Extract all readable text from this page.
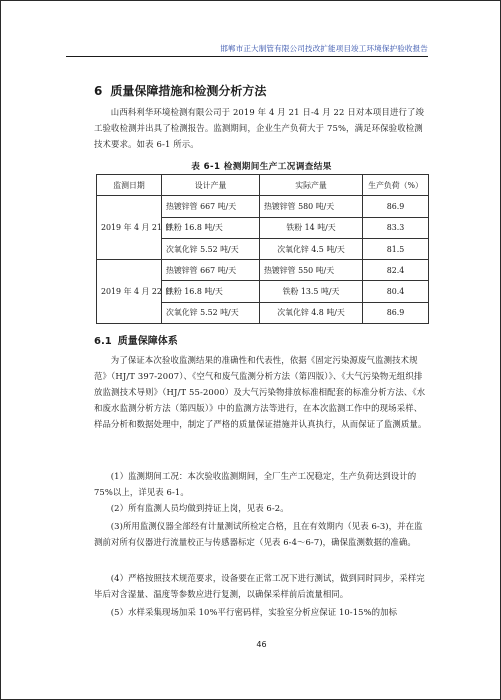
邯郸市正大制管有限公司技改扩能项目竣工环境保护验收报告
6 质量保障措施和检测分析方法
山西科利华环境检测有限公司于 2019 年 4 月 21 日-4 月 22 日对本项目进行了竣工验收检测并出具了检测报告。监测期间，企业生产负荷大于 75%，满足环保验收检测技术要求。如表 6-1 所示。
表 6-1 检测期间生产工况调查结果
监测日期	设计产量	实际产量	生产负荷（%）
2019 年 4 月 21 日	热镀锌管 667 吨/天	热镀锌管 580 吨/天	86.9
	铁粉 16.8 吨/天	铁粉 14 吨/天	83.3
	次氧化锌 5.52 吨/天	次氧化锌 4.5 吨/天	81.5
2019 年 4 月 22 日	热镀锌管 667 吨/天	热镀锌管 550 吨/天	82.4
	铁粉 16.8 吨/天	铁粉 13.5 吨/天	80.4
	次氧化锌 5.52 吨/天	次氧化锌 4.8 吨/天	86.9
6.1 质量保障体系
为了保证本次验收监测结果的准确性和代表性，依据《固定污染源废气监测技术规范》（HJ/T 397-2007）、《空气和废气监测分析方法（第四版）》、《大气污染物无组织排放监测技术导则》（HJ/T 55-2000）及大气污染物排放标准相配套的标准分析方法、《水和废水监测分析方法（第四版）》中的监测方法等进行，在本次监测工作中的现场采样、样品分析和数据处理中，制定了严格的质量保证措施并认真执行，从而保证了监测质量。
(1）监测期间工况：本次验收监测期间，全厂生产工况稳定，生产负荷达到设计的 75%以上，详见表 6-1。
(2）所有监测人员均做到持证上岗，见表 6-2。
(3)所用监测仪器全部经有计量测试所检定合格，且在有效期内（见表 6-3)，并在监测前对所有仪器进行流量校正与传感器标定（见表 6-4～6-7)，确保监测数据的准确。
(4）严格按照技术规范要求，设备要在正常工况下进行测试，做到同时同步，采样完毕后对含湿量、温度等参数应进行复测，以确保采样前后流量相同。
(5）水样采集现场加采 10%平行密码样，实验室分析应保证 10-15%的加标
46
